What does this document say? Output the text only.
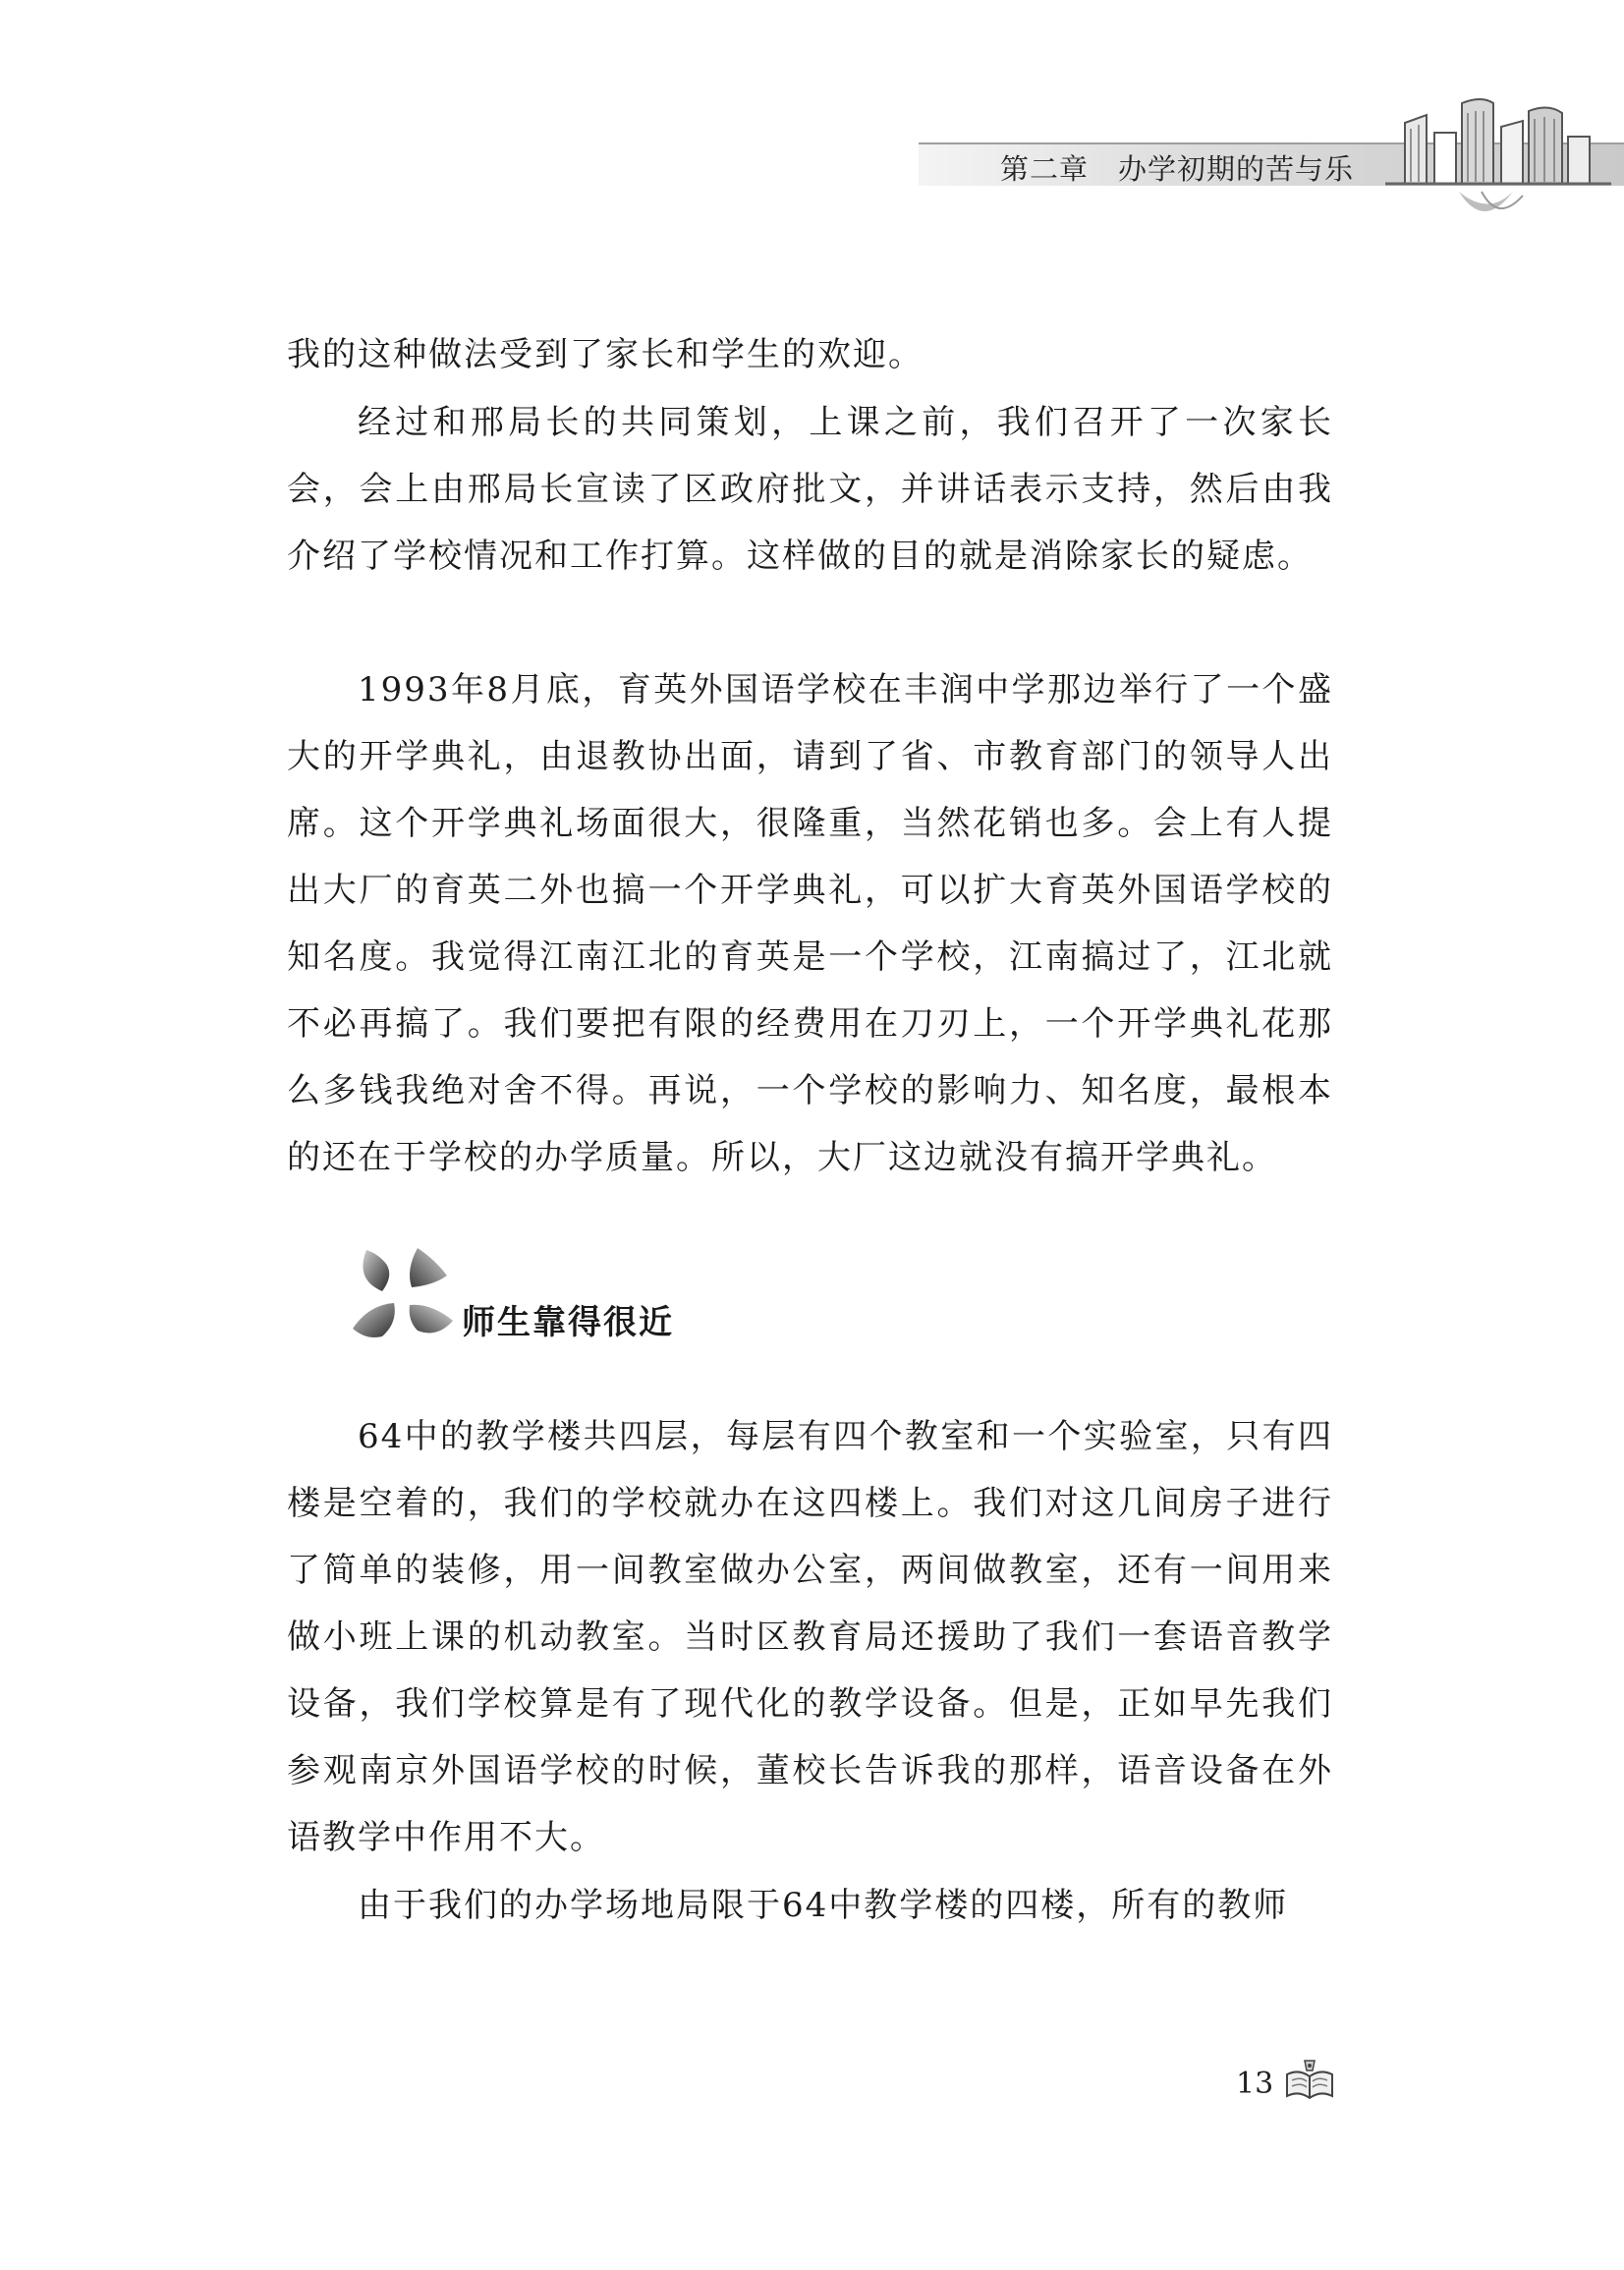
第二章　办学初期的苦与乐

我的这种做法受到了家长和学生的欢迎。

经过和邢局长的共同策划，上课之前，我们召开了一次家长会，会上由邢局长宣读了区政府批文，并讲话表示支持，然后由我介绍了学校情况和工作打算。这样做的目的就是消除家长的疑虑。

1993年8月底，育英外国语学校在丰润中学那边举行了一个盛大的开学典礼，由退教协出面，请到了省、市教育部门的领导人出席。这个开学典礼场面很大，很隆重，当然花销也多。会上有人提出大厂的育英二外也搞一个开学典礼，可以扩大育英外国语学校的知名度。我觉得江南江北的育英是一个学校，江南搞过了，江北就不必再搞了。我们要把有限的经费用在刀刃上，一个开学典礼花那么多钱我绝对舍不得。再说，一个学校的影响力、知名度，最根本的还在于学校的办学质量。所以，大厂这边就没有搞开学典礼。

师生靠得很近

64中的教学楼共四层，每层有四个教室和一个实验室，只有四楼是空着的，我们的学校就办在这四楼上。我们对这几间房子进行了简单的装修，用一间教室做办公室，两间做教室，还有一间用来做小班上课的机动教室。当时区教育局还援助了我们一套语音教学设备，我们学校算是有了现代化的教学设备。但是，正如早先我们参观南京外国语学校的时候，董校长告诉我的那样，语音设备在外语教学中作用不大。

由于我们的办学场地局限于64中教学楼的四楼，所有的教师

13
